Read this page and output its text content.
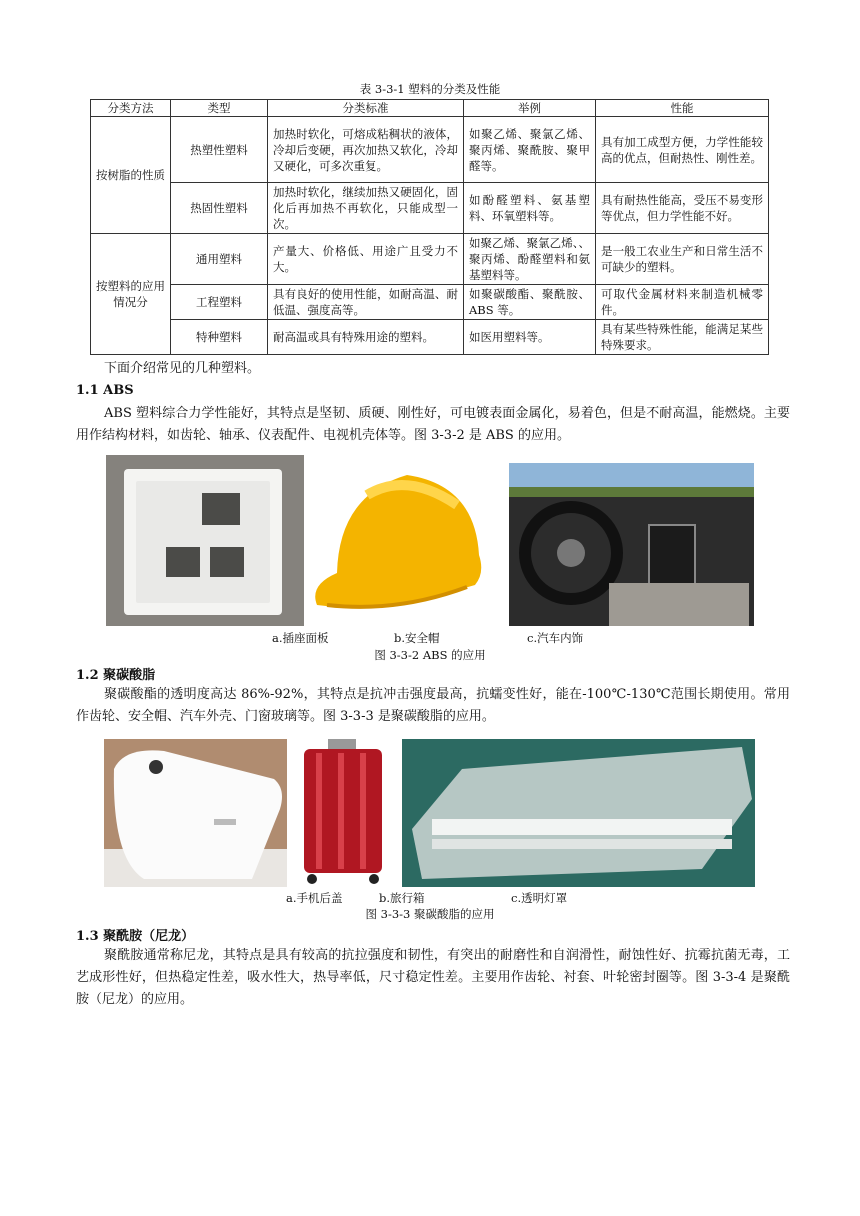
表 3-3-1 塑料的分类及性能
分类方法	类型	分类标准	举例	性能
按树脂的性质	热塑性塑料	加热时软化，可熔成粘稠状的液体，冷却后变硬，再次加热又软化，冷却又硬化，可多次重复。	如聚乙烯、聚氯乙烯、聚丙烯、聚酰胺、聚甲醛等。	具有加工成型方便，力学性能较高的优点，但耐热性、刚性差。
	热固性塑料	加热时软化，继续加热又硬固化，固化后再加热不再软化，只能成型一次。	如酚醛塑料、氨基塑料、环氧塑料等。	具有耐热性能高，受压不易变形等优点，但力学性能不好。
按塑料的应用情况分	通用塑料	产量大、价格低、用途广且受力不大。	如聚乙烯、聚氯乙烯、、聚丙烯、酚醛塑料和氨基塑料等。	是一般工农业生产和日常生活不可缺少的塑料。
	工程塑料	具有良好的使用性能，如耐高温、耐低温、强度高等。	如聚碳酸酯、聚酰胺、ABS 等。	可取代金属材料来制造机械零件。
	特种塑料	耐高温或具有特殊用途的塑料。	如医用塑料等。	具有某些特殊性能，能满足某些特殊要求。
下面介绍常见的几种塑料。
1.1 ABS
ABS 塑料综合力学性能好，其特点是坚韧、质硬、刚性好，可电镀表面金属化，易着色，但是不耐高温，能燃烧。主要用作结构材料，如齿轮、轴承、仪表配件、电视机壳体等。图 3-3-2 是 ABS 的应用。
a.插座面板	b.安全帽	c.汽车内饰
图 3-3-2 ABS 的应用
1.2 聚碳酸脂
聚碳酸酯的透明度高达 86%-92%，其特点是抗冲击强度最高，抗蠕变性好，能在-100℃-130℃范围长期使用。常用作齿轮、安全帽、汽车外壳、门窗玻璃等。图 3-3-3 是聚碳酸脂的应用。
a.手机后盖	b.旅行箱	c.透明灯罩
图 3-3-3 聚碳酸脂的应用
1.3 聚酰胺（尼龙）
聚酰胺通常称尼龙，其特点是具有较高的抗拉强度和韧性，有突出的耐磨性和自润滑性，耐蚀性好、抗霉抗菌无毒，工艺成形性好，但热稳定性差，吸水性大，热导率低，尺寸稳定性差。主要用作齿轮、衬套、叶轮密封圈等。图 3-3-4 是聚酰胺（尼龙）的应用。
